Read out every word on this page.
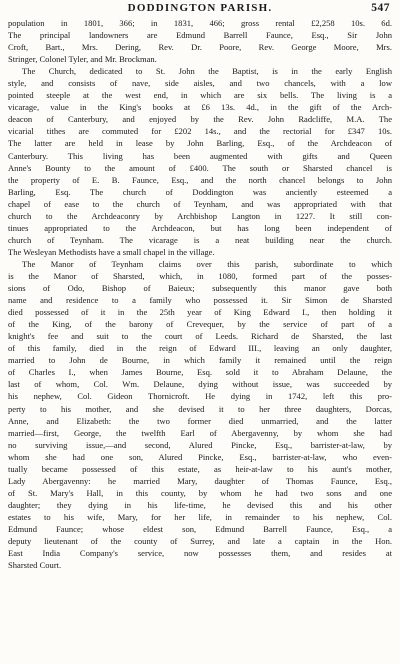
DODDINGTON PARISH.	547

population in 1801, 366; in 1831, 466; gross rental £2,258 10s. 6d.
The principal landowners are Edmund Barrell Faunce, Esq., Sir John
Croft, Bart., Mrs. Dering, Rev. Dr. Poore, Rev. George Moore, Mrs.
Stringer, Colonel Tyler, and Mr. Brockman.

The Church, dedicated to St. John the Baptist, is in the early English
style, and consists of nave, side aisles, and two chancels, with a low
pointed steeple at the west end, in which are six bells. The living is a
vicarage, value in the King's books at £6 13s. 4d., in the gift of the Arch-
deacon of Canterbury, and enjoyed by the Rev. John Radcliffe, M.A. The
vicarial tithes are commuted for £202 14s., and the rectorial for £347 10s.
The latter are held in lease by John Barling, Esq., of the Archdeacon of
Canterbury. This living has been augmented with gifts and Queen
Anne's Bounty to the amount of £400. The south or Sharsted chancel is
the property of E. B. Faunce, Esq., and the north chancel belongs to John
Barling, Esq. The church of Doddington was anciently esteemed a
chapel of ease to the church of Teynham, and was appropriated with that
church to the Archdeaconry by Archbishop Langton in 1227. It still con-
tinues appropriated to the Archdeacon, but has long been independent of
church of Teynham. The vicarage is a neat building near the church.
The Wesleyan Methodists have a small chapel in the village.

The Manor of Teynham claims over this parish, subordinate to which
is the Manor of Sharsted, which, in 1080, formed part of the posses-
sions of Odo, Bishop of Baieux; subsequently this manor gave both
name and residence to a family who possessed it. Sir Simon de Sharsted
died possessed of it in the 25th year of King Edward I., then holding it
of the King, of the barony of Crevequer, by the service of part of a
knight's fee and suit to the court of Leeds. Richard de Sharsted, the last
of this family, died in the reign of Edward III., leaving an only daughter,
married to John de Bourne, in which family it remained until the reign
of Charles I., when James Bourne, Esq. sold it to Abraham Delaune, the
last of whom, Col. Wm. Delaune, dying without issue, was succeeded by
his nephew, Col. Gideon Thornicroft. He dying in 1742, left this pro-
perty to his mother, and she devised it to her three daughters, Dorcas,
Anne, and Elizabeth: the two former died unmarried, and the latter
married—first, George, the twelfth Earl of Abergavenny, by whom she had
no surviving issue,—and second, Alured Pincke, Esq., barrister-at-law, by
whom she had one son, Alured Pincke, Esq., barrister-at-law, who even-
tually became possessed of this estate, as heir-at-law to his aunt's mother,
Lady Abergavenny: he married Mary, daughter of Thomas Faunce, Esq.,
of St. Mary's Hall, in this county, by whom he had two sons and one
daughter; they dying in his life-time, he devised this and his other
estates to his wife, Mary, for her life, in remainder to his nephew, Col.
Edmund Faunce; whose eldest son, Edmund Barrell Faunce, Esq., a
deputy lieutenant of the county of Surrey, and late a captain in the Hon.
East India Company's service, now possesses them, and resides at
Sharsted Court.
